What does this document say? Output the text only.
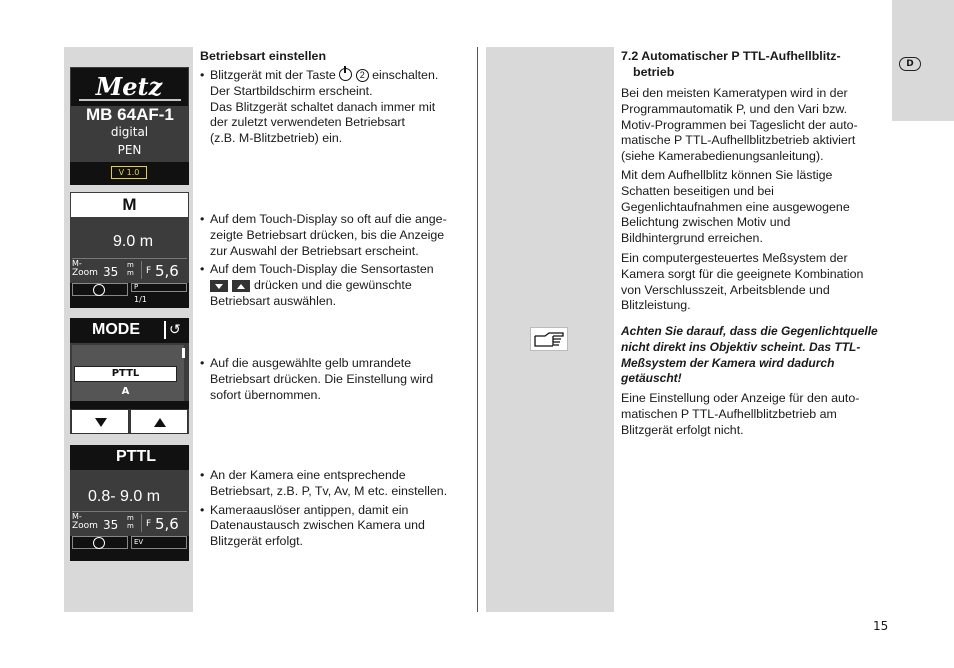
D
15
Metz
MB 64AF-1
digital
PEN
V 1.0
M
9.0 m
M-
Zoom 35 m
m F 5,6
P
1/1
MODE	↺
PTTL
A
PTTL
0.8- 9.0 m
M-
Zoom 35 m
m F 5,6
EV
Betriebsart einstellen
• Blitzgerät mit der Taste
2 einschalten.
Der Startbildschirm erscheint.
Das Blitzgerät schaltet danach immer mit
der zuletzt verwendeten Betriebsart
(z.B. M-Blitzbetrieb) ein.
• Auf dem Touch-Display so oft auf die ange-
zeigte Betriebsart drücken, bis die Anzeige
zur Auswahl der Betriebsart erscheint.
• Auf dem Touch-Display die Sensortasten
drücken und die gewünschte
Betriebsart auswählen.
• Auf die ausgewählte gelb umrandete
Betriebsart drücken. Die Einstellung wird
sofort übernommen.
• An der Kamera eine entsprechende
Betriebsart, z.B. P, Tv, Av, M etc. einstellen.
• Kameraauslöser antippen, damit ein
Datenaustausch zwischen Kamera und
Blitzgerät erfolgt.
7.2 Automatischer P TTL-Aufhellblitz-
betrieb
Bei den meisten Kameratypen wird in der
Programmautomatik P, und den Vari bzw.
Motiv-Programmen bei Tageslicht der auto-
matische P TTL-Aufhellblitzbetrieb aktiviert
(siehe Kamerabedienungsanleitung).
Mit dem Aufhellblitz können Sie lästige
Schatten beseitigen und bei
Gegenlichtaufnahmen eine ausgewogene
Belichtung zwischen Motiv und
Bildhintergrund erreichen.
Ein computergesteuertes Meßsystem der
Kamera sorgt für die geeignete Kombination
von Verschlusszeit, Arbeitsblende und
Blitzleistung.
Achten Sie darauf, dass die Gegenlichtquelle
nicht direkt ins Objektiv scheint. Das TTL-
Meßsystem der Kamera wird dadurch
getäuscht!
Eine Einstellung oder Anzeige für den auto-
matischen P TTL-Aufhellblitzbetrieb am
Blitzgerät erfolgt nicht.
